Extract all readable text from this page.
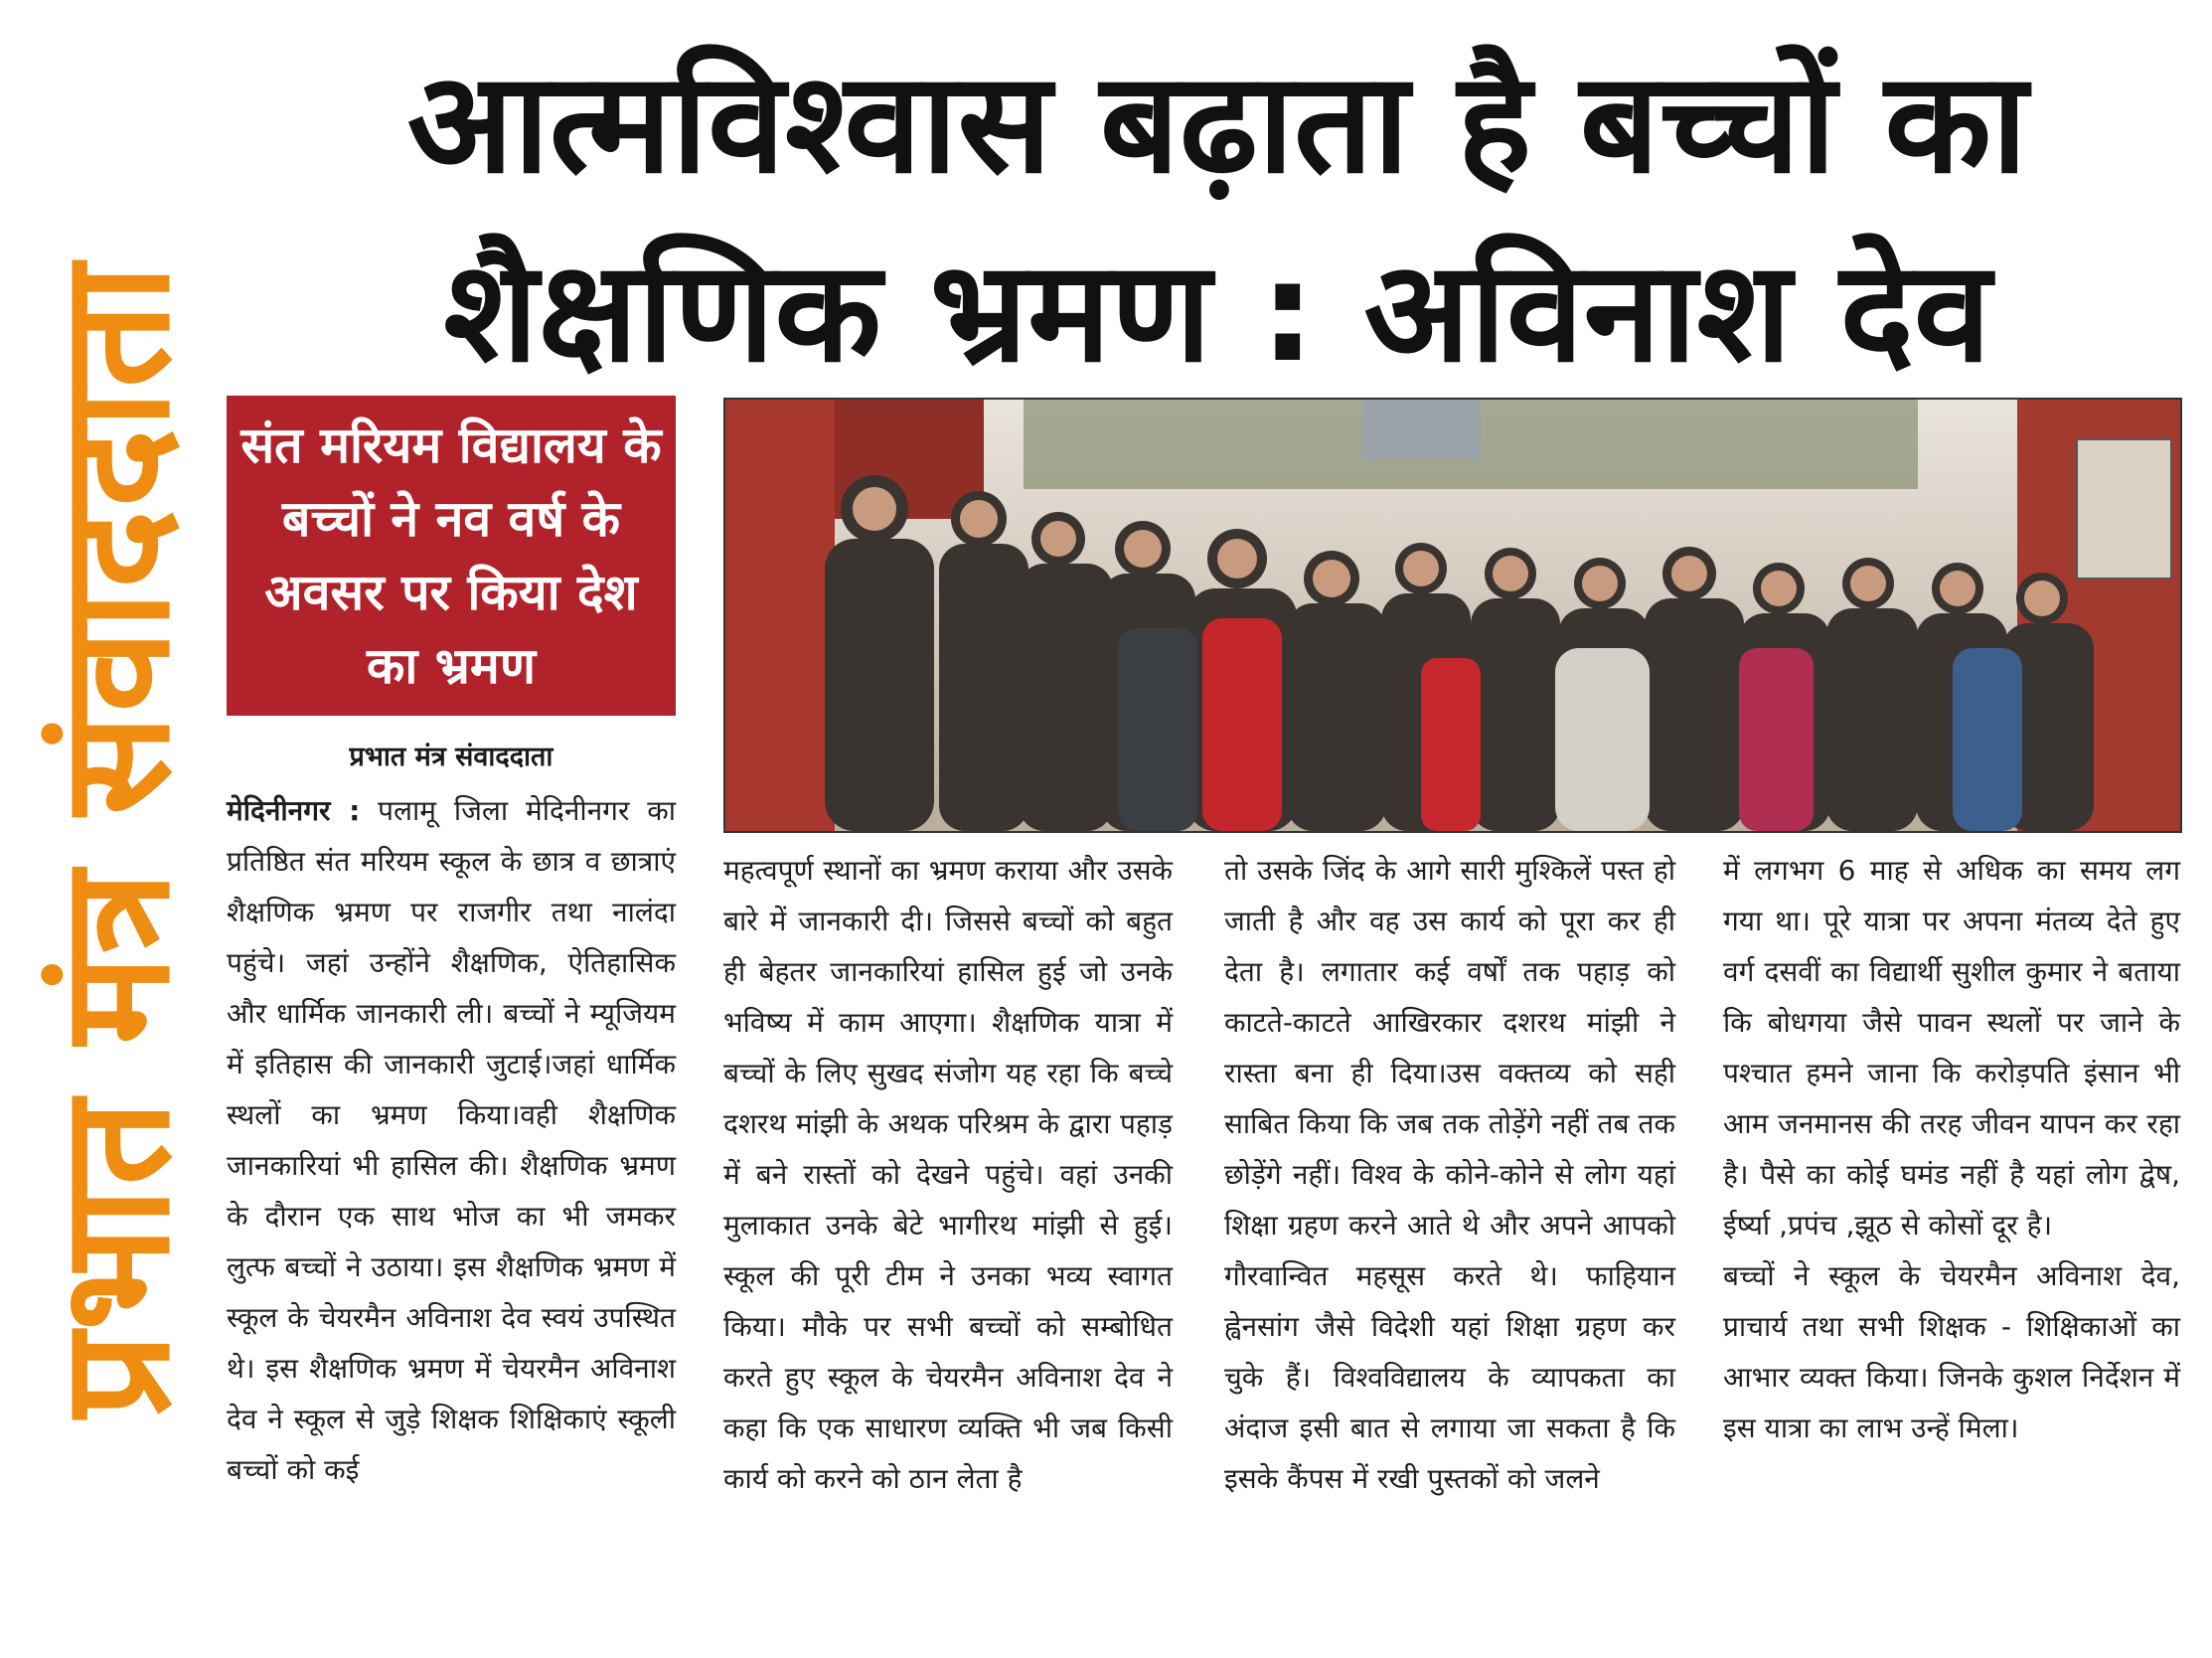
प्रभात मंत्र संवाददाता
आत्मविश्वास बढ़ाता है बच्चों का
शैक्षणिक भ्रमण : अविनाश देव
संत मरियम विद्यालय के बच्चों ने नव वर्ष के अवसर पर किया देश का भ्रमण
प्रभात मंत्र संवाददाता

मेदिनीनगर : पलामू जिला मेदिनीनगर का प्रतिष्ठित संत मरियम स्कूल के छात्र व छात्राएं शैक्षणिक भ्रमण पर राजगीर तथा नालंदा पहुंचे। जहां उन्होंने शैक्षणिक, ऐतिहासिक और धार्मिक जानकारी ली। बच्चों ने म्यूजियम में इतिहास की जानकारी जुटाई।जहां धार्मिक स्थलों का भ्रमण किया।वही शैक्षणिक जानकारियां भी हासिल की। शैक्षणिक भ्रमण के दौरान एक साथ भोज का भी जमकर लुत्फ बच्चों ने उठाया। इस शैक्षणिक भ्रमण में स्कूल के चेयरमैन अविनाश देव स्वयं उपस्थित थे। इस शैक्षणिक भ्रमण में चेयरमैन अविनाश देव ने स्कूल से जुड़े शिक्षक शिक्षिकाएं स्कूली बच्चों को कई

महत्वपूर्ण स्थानों का भ्रमण कराया और उसके बारे में जानकारी दी। जिससे बच्चों को बहुत ही बेहतर जानकारियां हासिल हुई जो उनके भविष्य में काम आएगा। शैक्षणिक यात्रा में बच्चों के लिए सुखद संजोग यह रहा कि बच्चे दशरथ मांझी के अथक परिश्रम के द्वारा पहाड़ में बने रास्तों को देखने पहुंचे। वहां उनकी मुलाकात उनके बेटे भागीरथ मांझी से हुई। स्कूल की पूरी टीम ने उनका भव्य स्वागत किया। मौके पर सभी बच्चों को सम्बोधित करते हुए स्कूल के चेयरमैन अविनाश देव ने कहा कि एक साधारण व्यक्ति भी जब किसी कार्य को करने को ठान लेता है

तो उसके जिंद के आगे सारी मुश्किलें पस्त हो जाती है और वह उस कार्य को पूरा कर ही देता है। लगातार कई वर्षों तक पहाड़ को काटते-काटते आखिरकार दशरथ मांझी ने रास्ता बना ही दिया।उस वक्तव्य को सही साबित किया कि जब तक तोड़ेंगे नहीं तब तक छोड़ेंगे नहीं। विश्व के कोने-कोने से लोग यहां शिक्षा ग्रहण करने आते थे और अपने आपको गौरवान्वित महसूस करते थे। फाहियान ह्वेनसांग जैसे विदेशी यहां शिक्षा ग्रहण कर चुके हैं। विश्वविद्यालय के व्यापकता का अंदाज इसी बात से लगाया जा सकता है कि इसके कैंपस में रखी पुस्तकों को जलने

में लगभग 6 माह से अधिक का समय लग गया था। पूरे यात्रा पर अपना मंतव्य देते हुए वर्ग दसवीं का विद्यार्थी सुशील कुमार ने बताया कि बोधगया जैसे पावन स्थलों पर जाने के पश्चात हमने जाना कि करोड़पति इंसान भी आम जनमानस की तरह जीवन यापन कर रहा है। पैसे का कोई घमंड नहीं है यहां लोग द्वेष, ईर्ष्या ,प्रपंच ,झूठ से कोसों दूर है।

बच्चों ने स्कूल के चेयरमैन अविनाश देव, प्राचार्य तथा सभी शिक्षक - शिक्षिकाओं का आभार व्यक्त किया। जिनके कुशल निर्देशन में इस यात्रा का लाभ उन्हें मिला।
